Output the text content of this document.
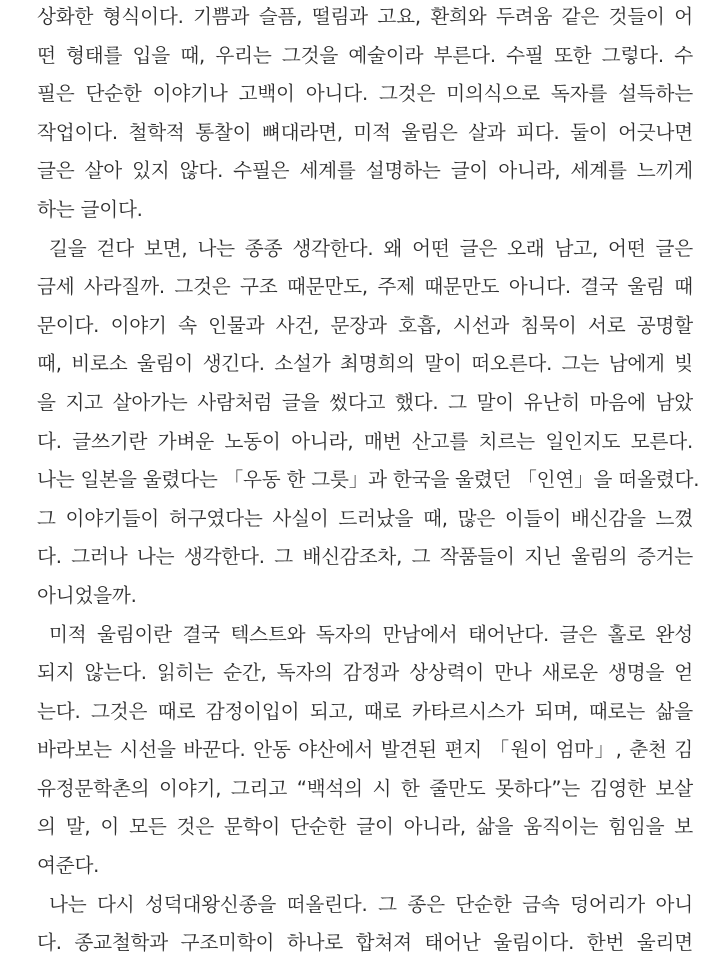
상화한 형식이다. 기쁨과 슬픔, 떨림과 고요, 환희와 두려움 같은 것들이 어
떤 형태를 입을 때, 우리는 그것을 예술이라 부른다. 수필 또한 그렇다. 수
필은 단순한 이야기나 고백이 아니다. 그것은 미의식으로 독자를 설득하는
작업이다. 철학적 통찰이 뼈대라면, 미적 울림은 살과 피다. 둘이 어긋나면
글은 살아 있지 않다. 수필은 세계를 설명하는 글이 아니라, 세계를 느끼게
하는 글이다.
길을 걷다 보면, 나는 종종 생각한다. 왜 어떤 글은 오래 남고, 어떤 글은
금세 사라질까. 그것은 구조 때문만도, 주제 때문만도 아니다. 결국 울림 때
문이다. 이야기 속 인물과 사건, 문장과 호흡, 시선과 침묵이 서로 공명할
때, 비로소 울림이 생긴다. 소설가 최명희의 말이 떠오른다. 그는 남에게 빚
을 지고 살아가는 사람처럼 글을 썼다고 했다. 그 말이 유난히 마음에 남았
다. 글쓰기란 가벼운 노동이 아니라, 매번 산고를 치르는 일인지도 모른다.
나는 일본을 울렸다는 「우동 한 그릇」과 한국을 울렸던 「인연」을 떠올렸다.
그 이야기들이 허구였다는 사실이 드러났을 때, 많은 이들이 배신감을 느꼈
다. 그러나 나는 생각한다. 그 배신감조차, 그 작품들이 지닌 울림의 증거는
아니었을까.
미적 울림이란 결국 텍스트와 독자의 만남에서 태어난다. 글은 홀로 완성
되지 않는다. 읽히는 순간, 독자의 감정과 상상력이 만나 새로운 생명을 얻
는다. 그것은 때로 감정이입이 되고, 때로 카타르시스가 되며, 때로는 삶을
바라보는 시선을 바꾼다. 안동 야산에서 발견된 편지 「원이 엄마」, 춘천 김
유정문학촌의 이야기, 그리고 “백석의 시 한 줄만도 못하다”는 김영한 보살
의 말, 이 모든 것은 문학이 단순한 글이 아니라, 삶을 움직이는 힘임을 보
여준다.
나는 다시 성덕대왕신종을 떠올린다. 그 종은 단순한 금속 덩어리가 아니
다. 종교철학과 구조미학이 하나로 합쳐져 태어난 울림이다. 한번 울리면
